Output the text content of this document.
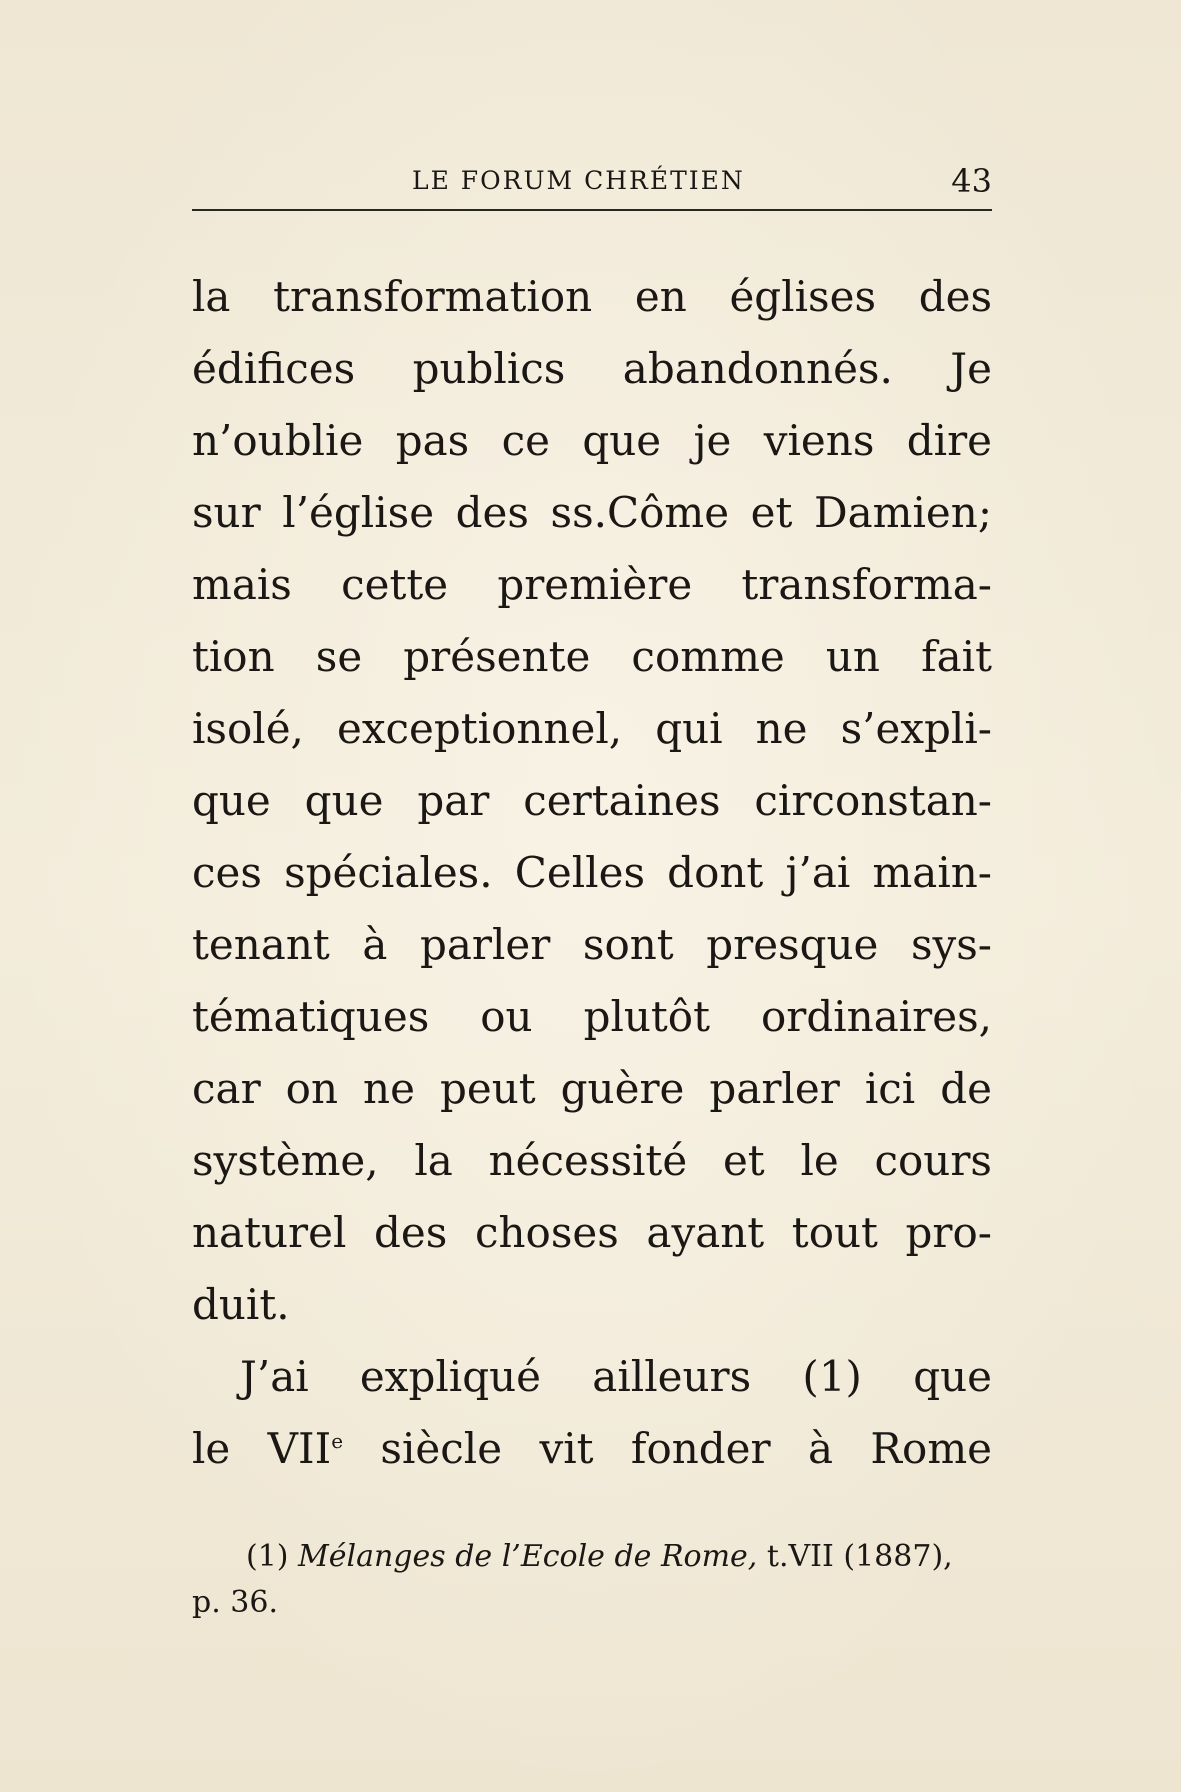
LE FORUM CHRÉTIEN	43
la transformation en églises des
édifices publics abandonnés. Je
n’oublie pas ce que je viens dire
sur l’église des ss.Côme et Damien;
mais cette première transforma-
tion se présente comme un fait
isolé, exceptionnel, qui ne s’expli-
que que par certaines circonstan-
ces spéciales. Celles dont j’ai main-
tenant à parler sont presque sys-
tématiques ou plutôt ordinaires,
car on ne peut guère parler ici de
système, la nécessité et le cours
naturel des choses ayant tout pro-
duit.
J’ai expliqué ailleurs (1) que
le VIIe siècle vit fonder à Rome
(1) Mélanges de l’Ecole de Rome, t.VII (1887),
p. 36.
